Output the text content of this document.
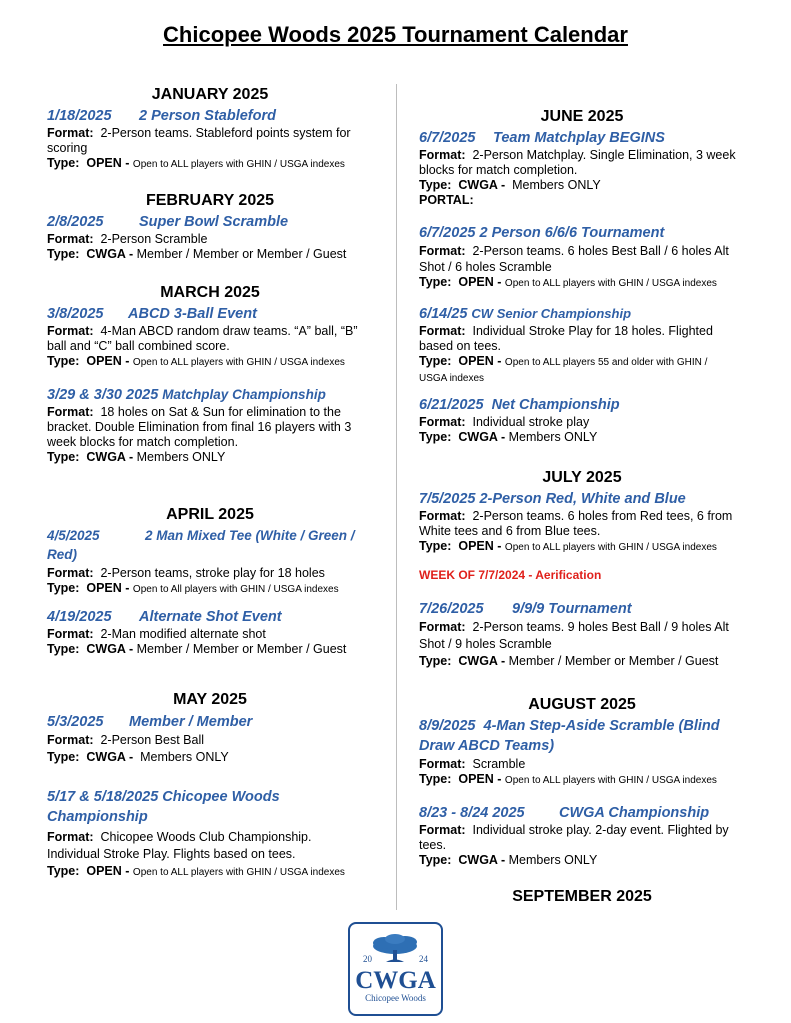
Chicopee Woods 2025 Tournament Calendar
JANUARY 2025
1/18/2025 2 Person Stableford
Format: 2-Person teams. Stableford points system for scoring
Type: OPEN - Open to ALL players with GHIN / USGA indexes
FEBRUARY 2025
2/8/2025 Super Bowl Scramble
Format: 2-Person Scramble
Type: CWGA - Member / Member or Member / Guest
MARCH 2025
3/8/2025 ABCD 3-Ball Event
Format: 4-Man ABCD random draw teams. “A” ball, “B” ball and “C” ball combined score.
Type: OPEN - Open to ALL players with GHIN / USGA indexes
3/29 & 3/30 2025 Matchplay Championship
Format: 18 holes on Sat & Sun for elimination to the bracket. Double Elimination from final 16 players with 3 week blocks for match completion.
Type: CWGA - Members ONLY
APRIL 2025
4/5/2025	2 Man Mixed Tee (White / Green / Red)
Format: 2-Person teams, stroke play for 18 holes
Type: OPEN - Open to All players with GHIN / USGA indexes
4/19/2025 Alternate Shot Event
Format: 2-Man modified alternate shot
Type: CWGA - Member / Member or Member / Guest
MAY 2025
5/3/2025 Member / Member
Format: 2-Person Best Ball
Type: CWGA - Members ONLY
5/17 & 5/18/2025 Chicopee Woods Championship
Format: Chicopee Woods Club Championship. Individual Stroke Play. Flights based on tees.
Type: OPEN - Open to ALL players with GHIN / USGA indexes
JUNE 2025
6/7/2025 Team Matchplay BEGINS
Format: 2-Person Matchplay. Single Elimination, 3 week blocks for match completion.
Type: CWGA - Members ONLY
PORTAL:
6/7/2025 2 Person 6/6/6 Tournament
Format: 2-Person teams. 6 holes Best Ball / 6 holes Alt Shot / 6 holes Scramble
Type: OPEN - Open to ALL players with GHIN / USGA indexes
6/14/25 CW Senior Championship
Format: Individual Stroke Play for 18 holes. Flighted based on tees.
Type: OPEN - Open to ALL players 55 and older with GHIN / USGA indexes
6/21/2025 Net Championship
Format: Individual stroke play
Type: CWGA - Members ONLY
JULY 2025
7/5/2025 2-Person Red, White and Blue
Format: 2-Person teams. 6 holes from Red tees, 6 from White tees and 6 from Blue tees.
Type: OPEN - Open to ALL players with GHIN / USGA indexes
WEEK OF 7/7/2024 - Aerification
7/26/2025 9/9/9 Tournament
Format: 2-Person teams. 9 holes Best Ball / 9 holes Alt Shot / 9 holes Scramble
Type: CWGA - Member / Member or Member / Guest
AUGUST 2025
8/9/2025 4-Man Step-Aside Scramble (Blind Draw ABCD Teams)
Format: Scramble
Type: OPEN - Open to ALL players with GHIN / USGA indexes
8/23 - 8/24 2025 CWGA Championship
Format: Individual stroke play. 2-day event. Flighted by tees.
Type: CWGA - Members ONLY
SEPTEMBER 2025
20	24
CWGA
Chicopee Woods
